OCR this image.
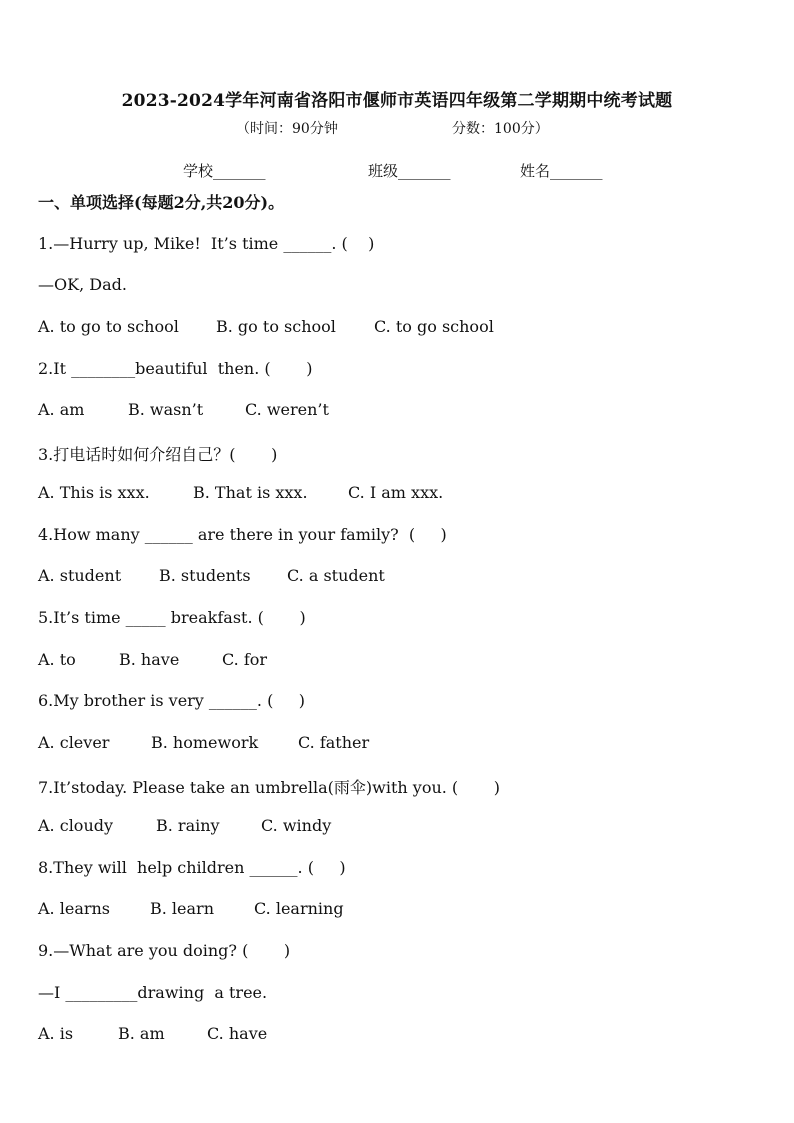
2023-2024学年河南省洛阳市偃师市英语四年级第二学期期中统考试题
（时间：90分钟	分数：100分）
学校_______	班级_______	姓名_______
一、单项选择(每题2分,共20分)。
1.—Hurry up, Mike!  It’s time ______. (    )
—OK, Dad.
A. to go to school B. go to school C. to go school
2.It ________beautiful  then. (       )
A. am	B. wasn’t	C. weren’t
3.打电话时如何介绍自己？(       )
A. This is xxx.	B. That is xxx.	C. I am xxx.
4.How many ______ are there in your family?  (     )
A. student B. students C. a student
5.It’s time _____ breakfast. (       )
A. to	B. have	C. for
6.My brother is very ______. (     )
A. clever	B. homework C. father
7.It’stoday. Please take an umbrella(雨伞)with you. (       )
A. cloudy	B. rainy	C. windy
8.They will  help children ______. (     )
A. learns B. learn C. learning
9.—What are you doing? (       )
—I _________drawing  a tree.
A. is	B. am	C. have
